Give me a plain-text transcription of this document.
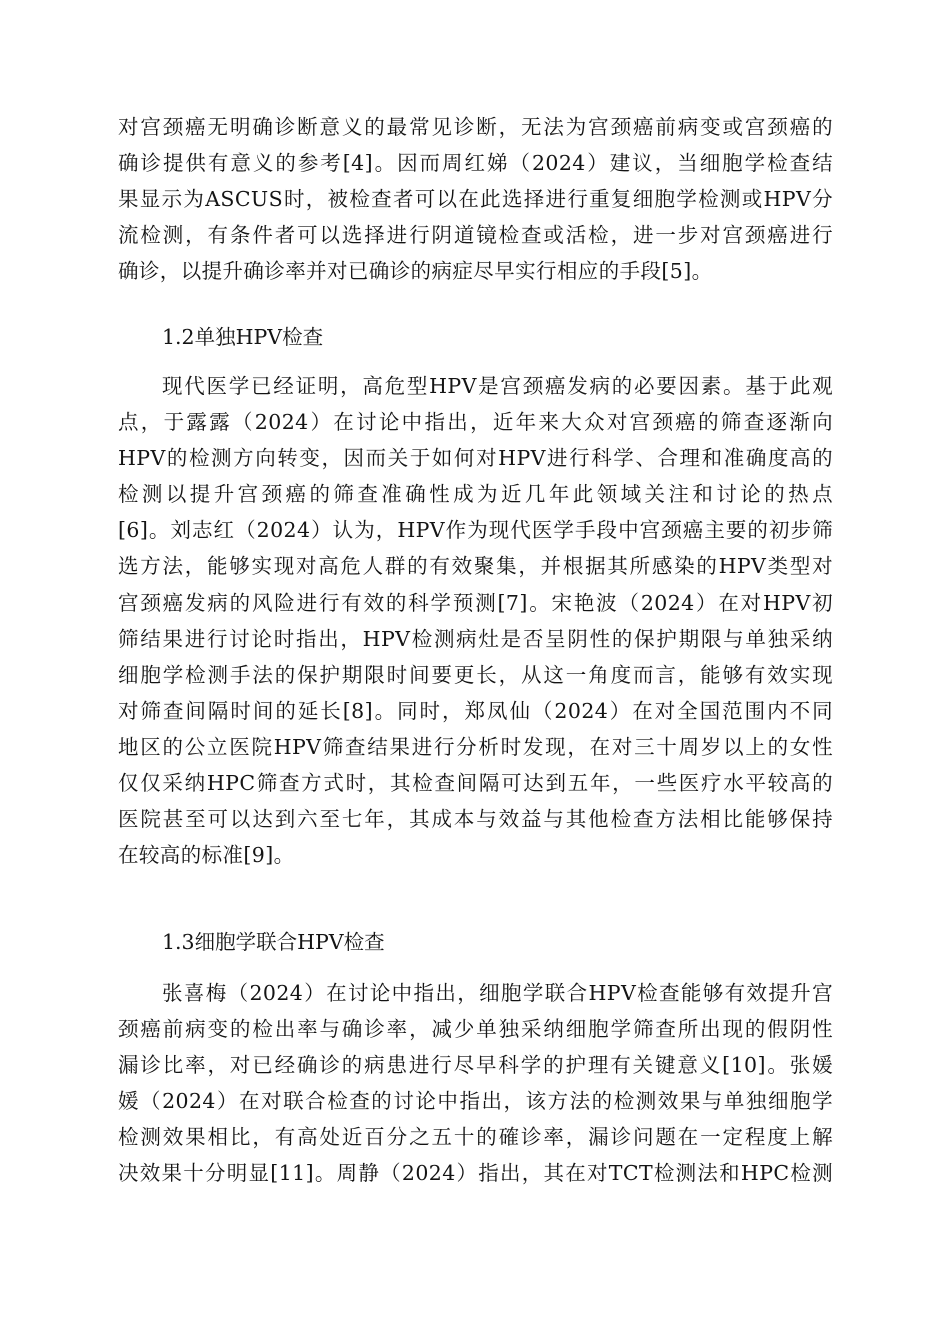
对宫颈癌无明确诊断意义的最常见诊断，无法为宫颈癌前病变或宫颈癌的
确诊提供有意义的参考[4]。因而周红娣（2024）建议，当细胞学检查结
果显示为ASCUS时，被检查者可以在此选择进行重复细胞学检测或HPV分
流检测，有条件者可以选择进行阴道镜检查或活检，进一步对宫颈癌进行
确诊，以提升确诊率并对已确诊的病症尽早实行相应的手段[5]。
1.2单独HPV检查
现代医学已经证明，高危型HPV是宫颈癌发病的必要因素。基于此观
点，于露露（2024）在讨论中指出，近年来大众对宫颈癌的筛查逐渐向
HPV的检测方向转变，因而关于如何对HPV进行科学、合理和准确度高的
检测以提升宫颈癌的筛查准确性成为近几年此领域关注和讨论的热点
[6]。刘志红（2024）认为，HPV作为现代医学手段中宫颈癌主要的初步筛
选方法，能够实现对高危人群的有效聚集，并根据其所感染的HPV类型对
宫颈癌发病的风险进行有效的科学预测[7]。宋艳波（2024）在对HPV初
筛结果进行讨论时指出，HPV检测病灶是否呈阴性的保护期限与单独采纳
细胞学检测手法的保护期限时间要更长，从这一角度而言，能够有效实现
对筛查间隔时间的延长[8]。同时，郑凤仙（2024）在对全国范围内不同
地区的公立医院HPV筛查结果进行分析时发现，在对三十周岁以上的女性
仅仅采纳HPC筛查方式时，其检查间隔可达到五年，一些医疗水平较高的
医院甚至可以达到六至七年，其成本与效益与其他检查方法相比能够保持
在较高的标准[9]。
1.3细胞学联合HPV检查
张喜梅（2024）在讨论中指出，细胞学联合HPV检查能够有效提升宫
颈癌前病变的检出率与确诊率，减少单独采纳细胞学筛查所出现的假阴性
漏诊比率，对已经确诊的病患进行尽早科学的护理有关键意义[10]。张媛
媛（2024）在对联合检查的讨论中指出，该方法的检测效果与单独细胞学
检测效果相比，有高处近百分之五十的確诊率，漏诊问题在一定程度上解
决效果十分明显[11]。周静（2024）指出，其在对TCT检测法和HPC检测
